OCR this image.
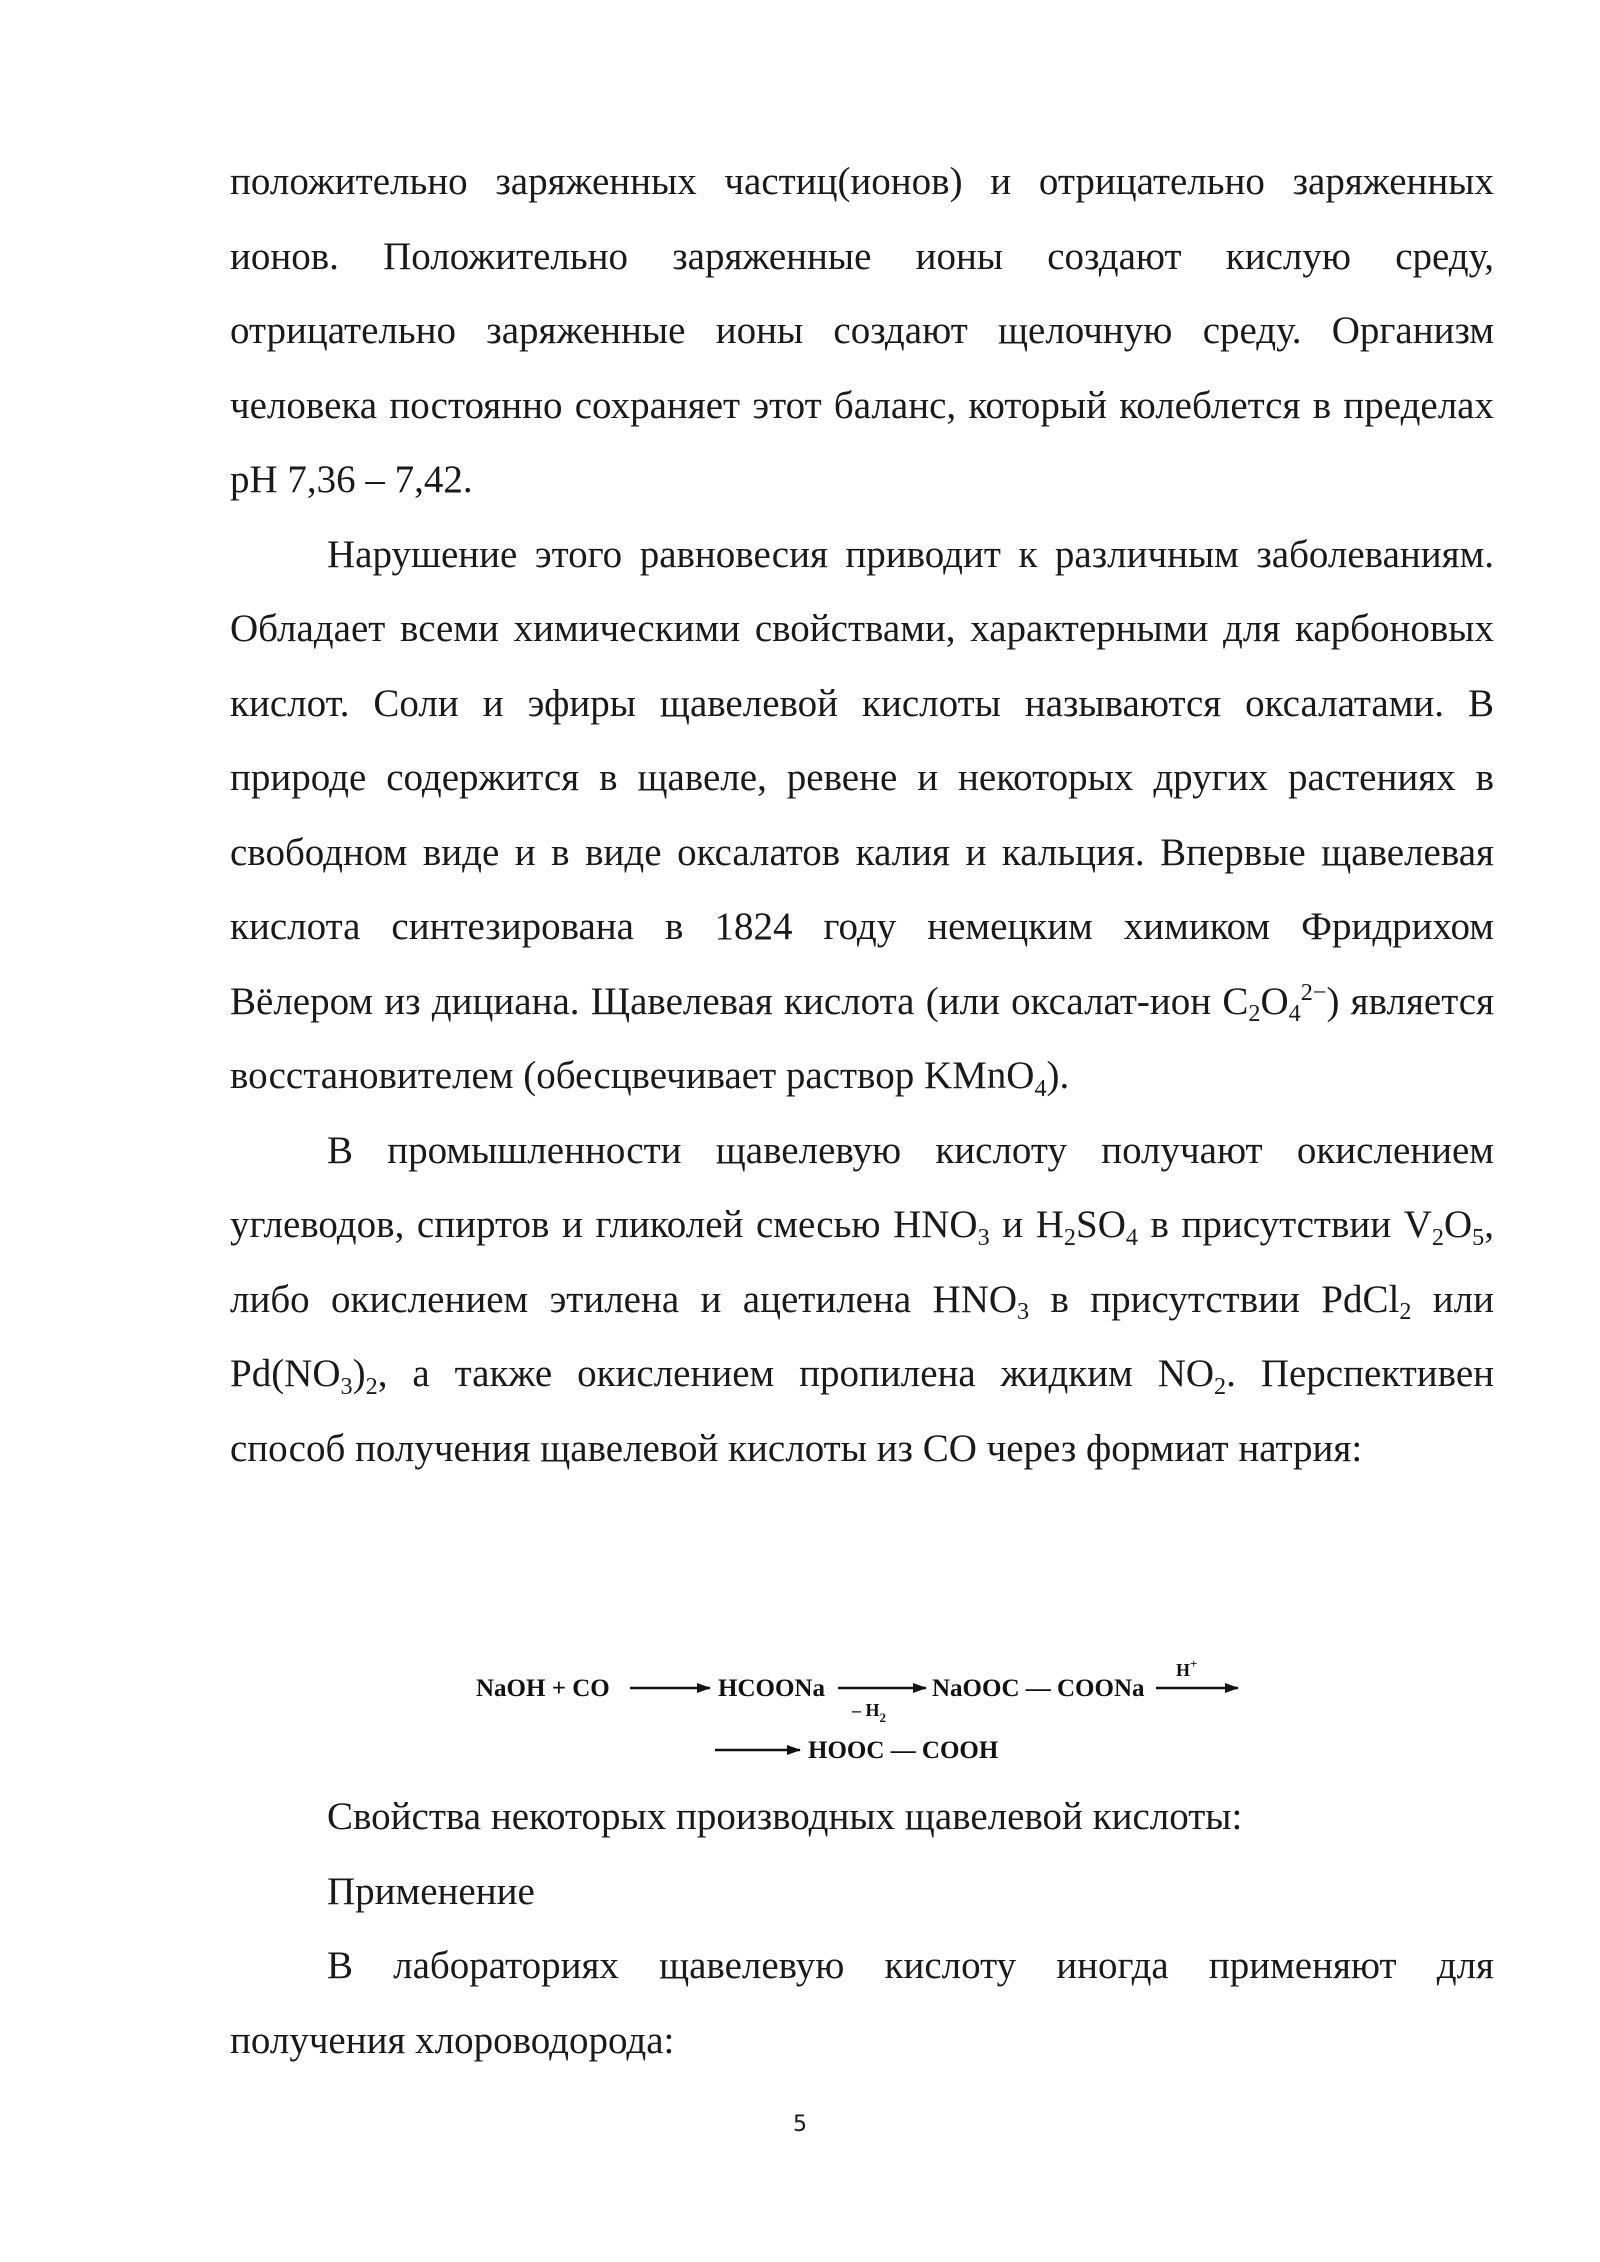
положительно заряженных частиц(ионов) и отрицательно заряженных ионов. Положительно заряженные ионы создают кислую среду, отрицательно заряженные ионы создают щелочную среду. Организм человека постоянно сохраняет этот баланс, который колеблется в пределах pH 7,36 – 7,42.

Нарушение этого равновесия приводит к различным заболеваниям. Обладает всеми химическими свойствами, характерными для карбоновых кислот. Соли и эфиры щавелевой кислоты называются оксалатами. В природе содержится в щавеле, ревене и некоторых других растениях в свободном виде и в виде оксалатов калия и кальция. Впервые щавелевая кислота синтезирована в 1824 году немецким химиком Фридрихом Вёлером из дициана. Щавелевая кислота (или оксалат-ион $C_2O_4^{2-}$) является восстановителем (обесцвечивает раствор KMnO$_4$).

В промышленности щавелевую кислоту получают окислением углеводов, спиртов и гликолей смесью $HNO_3$ и $H_2SO_4$ в присутствии $V_2O_5$, либо окислением этилена и ацетилена $HNO_3$ в присутствии PdCl$_2$ или $Pd(NO_3)_2$, а также окислением пропилена жидким $NO_2$. Перспективен способ получения щавелевой кислоты из CO через формиат натрия:

NaOH + CO	HCOONa
– $H_2$
NaOOC — COONa
H+
HOOC — COOH

Свойства некоторых производных щавелевой кислоты:

Применение

В лабораториях щавелевую кислоту иногда применяют для получения хлороводорода:

5
